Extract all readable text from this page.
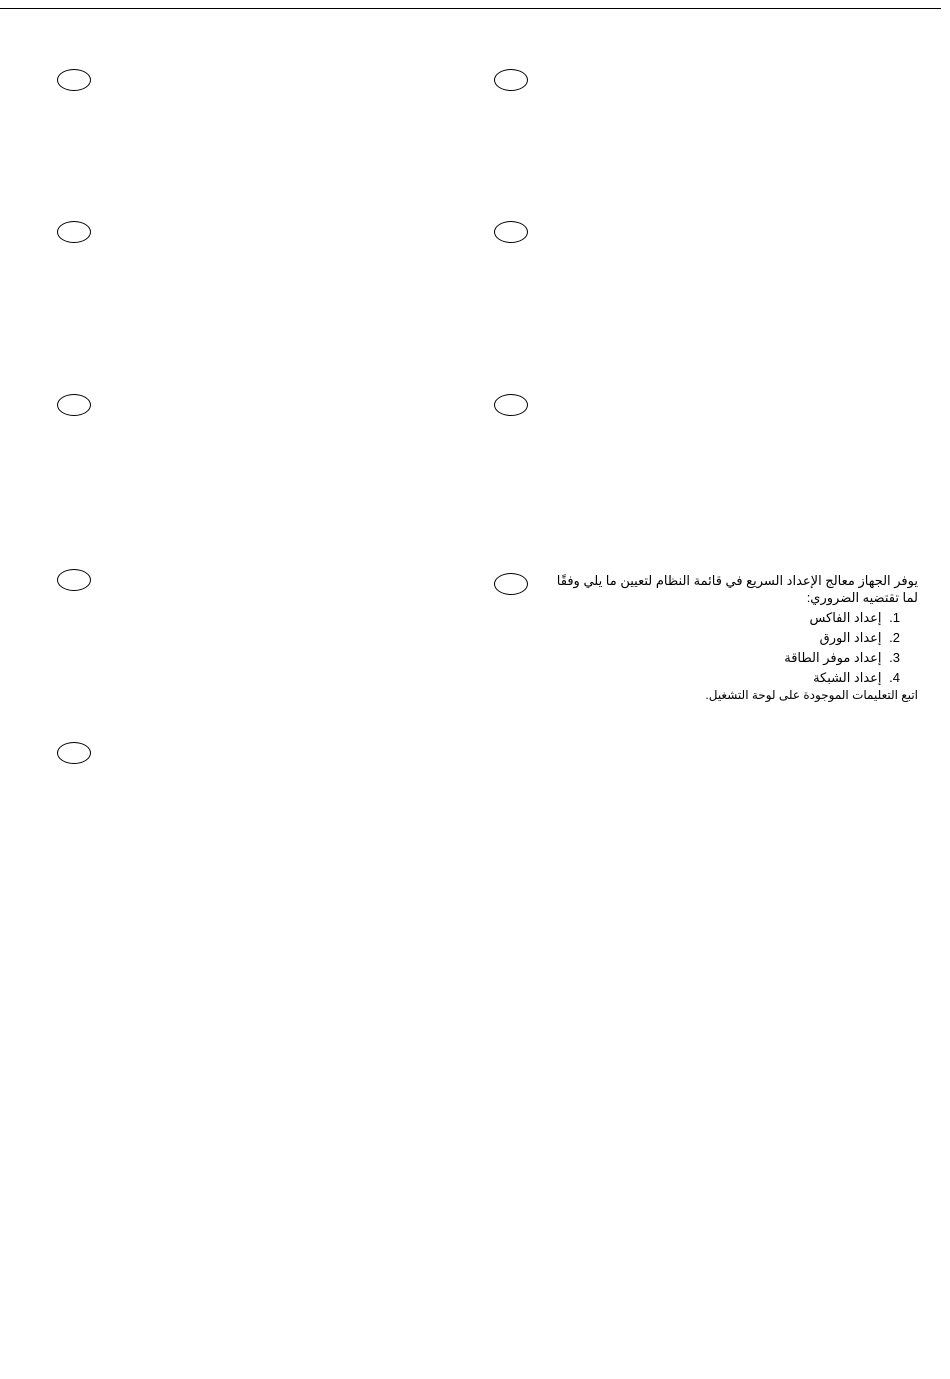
يوفر الجهاز معالج الإعداد السريع في قائمة النظام لتعيين ما يلي وفقًا لما تقتضيه الضروري:

1. إعداد الفاكس
2. إعداد الورق
3. إعداد موفر الطاقة
4. إعداد الشبكة

اتبع التعليمات الموجودة على لوحة التشغيل.
